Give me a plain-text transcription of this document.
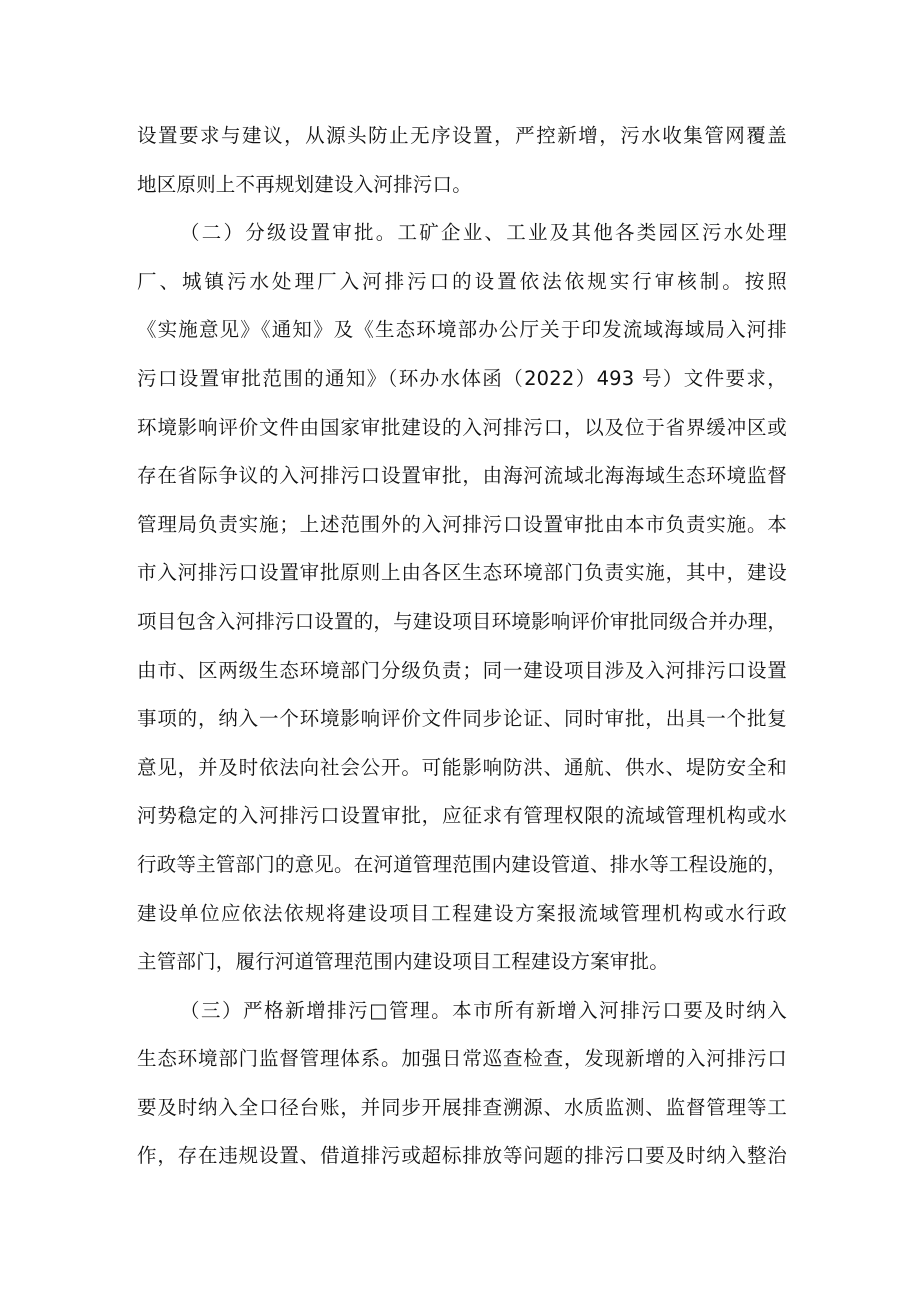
设置要求与建议，从源头防止无序设置，严控新增，污水收集管网覆盖
地区原则上不再规划建设入河排污口。
（二）分级设置审批。工矿企业、工业及其他各类园区污水处理
厂、城镇污水处理厂入河排污口的设置依法依规实行审核制。按照
《实施意见》《通知》及《生态环境部办公厅关于印发流域海域局入河排
污口设置审批范围的通知》（环办水体函（2022）493 号）文件要求，
环境影响评价文件由国家审批建设的入河排污口，以及位于省界缓冲区或
存在省际争议的入河排污口设置审批，由海河流域北海海域生态环境监督
管理局负责实施；上述范围外的入河排污口设置审批由本市负责实施。本
市入河排污口设置审批原则上由各区生态环境部门负责实施，其中，建设
项目包含入河排污口设置的，与建设项目环境影响评价审批同级合并办理，
由市、区两级生态环境部门分级负责；同一建设项目涉及入河排污口设置
事项的，纳入一个环境影响评价文件同步论证、同时审批，出具一个批复
意见，并及时依法向社会公开。可能影响防洪、通航、供水、堤防安全和
河势稳定的入河排污口设置审批，应征求有管理权限的流域管理机构或水
行政等主管部门的意见。在河道管理范围内建设管道、排水等工程设施的，
建设单位应依法依规将建设项目工程建设方案报流域管理机构或水行政
主管部门，履行河道管理范围内建设项目工程建设方案审批。
（三）严格新增排污□管理。本市所有新增入河排污口要及时纳入
生态环境部门监督管理体系。加强日常巡查检查，发现新增的入河排污口
要及时纳入全口径台账，并同步开展排查溯源、水质监测、监督管理等工
作，存在违规设置、借道排污或超标排放等问题的排污口要及时纳入整治
